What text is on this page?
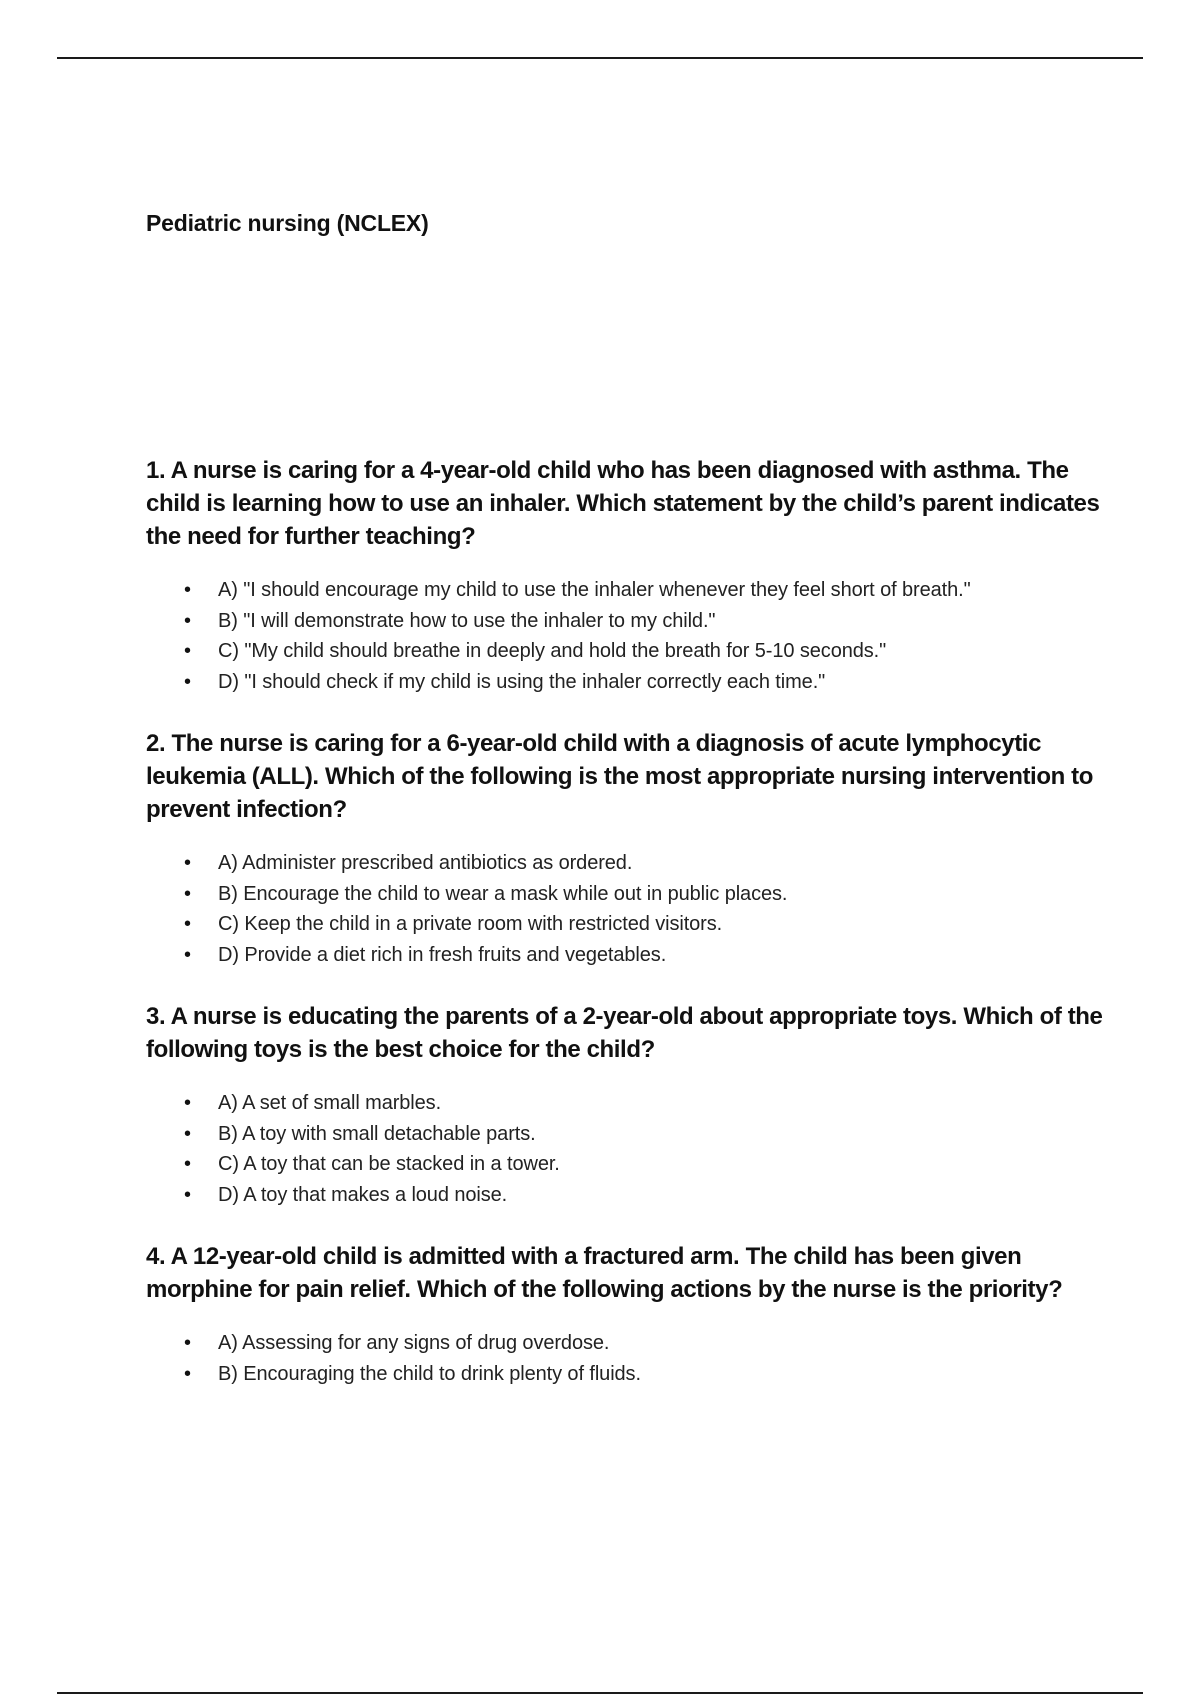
Pediatric nursing (NCLEX)

1. A nurse is caring for a 4-year-old child who has been diagnosed with asthma. The child is learning how to use an inhaler. Which statement by the child’s parent indicates the need for further teaching?

• A) "I should encourage my child to use the inhaler whenever they feel short of breath."
• B) "I will demonstrate how to use the inhaler to my child."
• C) "My child should breathe in deeply and hold the breath for 5-10 seconds."
• D) "I should check if my child is using the inhaler correctly each time."

2. The nurse is caring for a 6-year-old child with a diagnosis of acute lymphocytic leukemia (ALL). Which of the following is the most appropriate nursing intervention to prevent infection?

• A) Administer prescribed antibiotics as ordered.
• B) Encourage the child to wear a mask while out in public places.
• C) Keep the child in a private room with restricted visitors.
• D) Provide a diet rich in fresh fruits and vegetables.

3. A nurse is educating the parents of a 2-year-old about appropriate toys. Which of the following toys is the best choice for the child?

• A) A set of small marbles.
• B) A toy with small detachable parts.
• C) A toy that can be stacked in a tower.
• D) A toy that makes a loud noise.

4. A 12-year-old child is admitted with a fractured arm. The child has been given morphine for pain relief. Which of the following actions by the nurse is the priority?

• A) Assessing for any signs of drug overdose.
• B) Encouraging the child to drink plenty of fluids.
